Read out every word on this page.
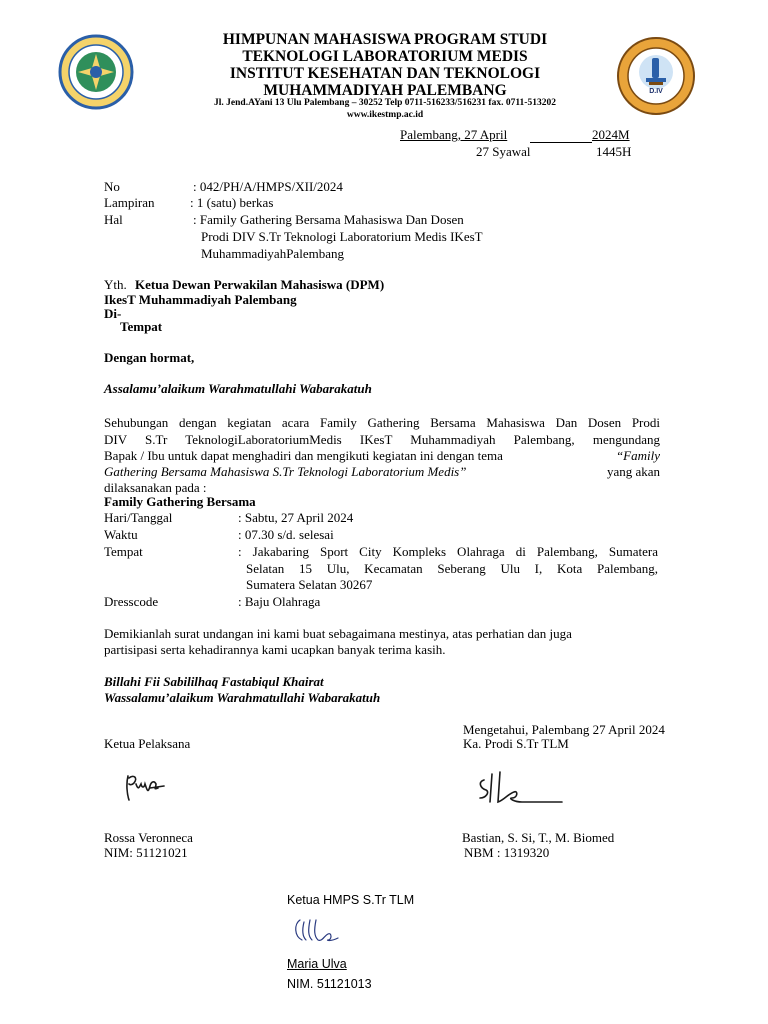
D.IV
HIMPUNAN MAHASISWA PROGRAM STUDI
TEKNOLOGI LABORATORIUM MEDIS
INSTITUT KESEHATAN DAN TEKNOLOGI
MUHAMMADIYAH PALEMBANG
Jl. Jend.AYani 13 Ulu Palembang – 30252 Telp 0711-516233/516231 fax. 0711-513202
www.ikestmp.ac.id
Palembang, 27 April	2024M
27 Syawal	1445H
No	: 042/PH/A/HMPS/XII/2024
Lampiran	: 1 (satu) berkas
Hal	: Family Gathering Bersama Mahasiswa Dan Dosen
Prodi DIV S.Tr Teknologi Laboratorium Medis IKesT
MuhammadiyahPalembang
Yth. Ketua Dewan Perwakilan Mahasiswa (DPM)
IkesT Muhammadiyah Palembang
Di-
Tempat
Dengan hormat,
Assalamu’alaikum Warahmatullahi Wabarakatuh
Sehubungan dengan kegiatan acara Family Gathering Bersama Mahasiswa Dan Dosen Prodi
DIV S.Tr TeknologiLaboratoriumMedis IKesT Muhammadiyah Palembang, mengundang
Bapak / Ibu untuk dapat menghadiri dan mengikuti kegiatan ini dengan tema	“Family
Gathering Bersama Mahasiswa S.Tr Teknologi Laboratorium Medis”	yang akan
dilaksanakan pada :
Family Gathering Bersama
Hari/Tanggal	: Sabtu, 27 April 2024
Waktu	: 07.30 s/d. selesai
Tempat	: Jakabaring Sport City Kompleks Olahraga di Palembang, Sumatera
Selatan 15 Ulu, Kecamatan Seberang Ulu I, Kota Palembang,
Sumatera Selatan 30267
Dresscode	: Baju Olahraga
Demikianlah surat undangan ini kami buat sebagaimana mestinya, atas perhatian dan juga
partisipasi serta kehadirannya kami ucapkan banyak terima kasih.
Billahi Fii Sabililhaq Fastabiqul Khairat
Wassalamu’alaikum Warahmatullahi Wabarakatuh
Mengetahui, Palembang 27 April 2024
Ketua Pelaksana	Ka. Prodi S.Tr TLM
Rossa Veronneca
NIM: 51121021
Bastian, S. Si, T., M. Biomed
NBM : 1319320
Ketua HMPS S.Tr TLM
Maria Ulva
NIM. 51121013
